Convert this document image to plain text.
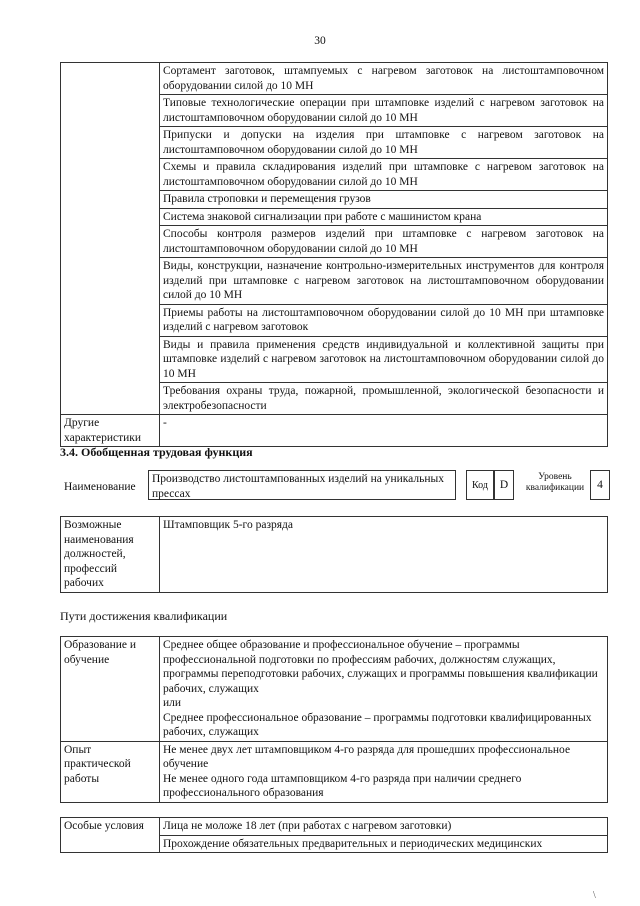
30
	Сортамент заготовок, штампуемых с нагревом заготовок на листоштамповочном оборудовании силой до 10 МН
	Типовые технологические операции при штамповке изделий с нагревом заготовок на листоштамповочном оборудовании силой до 10 МН
	Припуски и допуски на изделия при штамповке с нагревом заготовок на листоштамповочном оборудовании силой до 10 МН
	Схемы и правила складирования изделий при штамповке с нагревом заготовок на листоштамповочном оборудовании силой до 10 МН
	Правила строповки и перемещения грузов
	Система знаковой сигнализации при работе с машинистом крана
	Способы контроля размеров изделий при штамповке с нагревом заготовок на листоштамповочном оборудовании силой до 10 МН
	Виды, конструкции, назначение контрольно-измерительных инструментов для контроля изделий при штамповке с нагревом заготовок на листоштамповочном оборудовании силой до 10 МН
	Приемы работы на листоштамповочном оборудовании силой до 10 МН при штамповке изделий с нагревом заготовок
	Виды и правила применения средств индивидуальной и коллективной защиты при штамповке изделий с нагревом заготовок на листоштамповочном оборудовании силой до 10 МН
	Требования охраны труда, пожарной, промышленной, экологической безопасности и электробезопасности
Другие характеристики	-
3.4. Обобщенная трудовая функция
Наименование
Производство листоштампованных изделий на уникальных прессах
Код	D
Уровень квалификации	4
Возможные наименования должностей, профессий рабочих	Штамповщик 5-го разряда
Пути достижения квалификации
Образование и обучение	Среднее общее образование и профессиональное обучение – программы профессиональной подготовки по профессиям рабочих, должностям служащих, программы переподготовки рабочих, служащих и программы повышения квалификации рабочих, служащих
или
Среднее профессиональное образование – программы подготовки квалифицированных рабочих, служащих

Опыт практической работы	Не менее двух лет штамповщиком 4-го разряда для прошедших профессиональное обучение
Не менее одного года штамповщиком 4-го разряда при наличии среднего профессионального образования
Особые условия	Лица не моложе 18 лет (при работах с нагревом заготовки)
Прохождение обязательных предварительных и периодических медицинских
\
